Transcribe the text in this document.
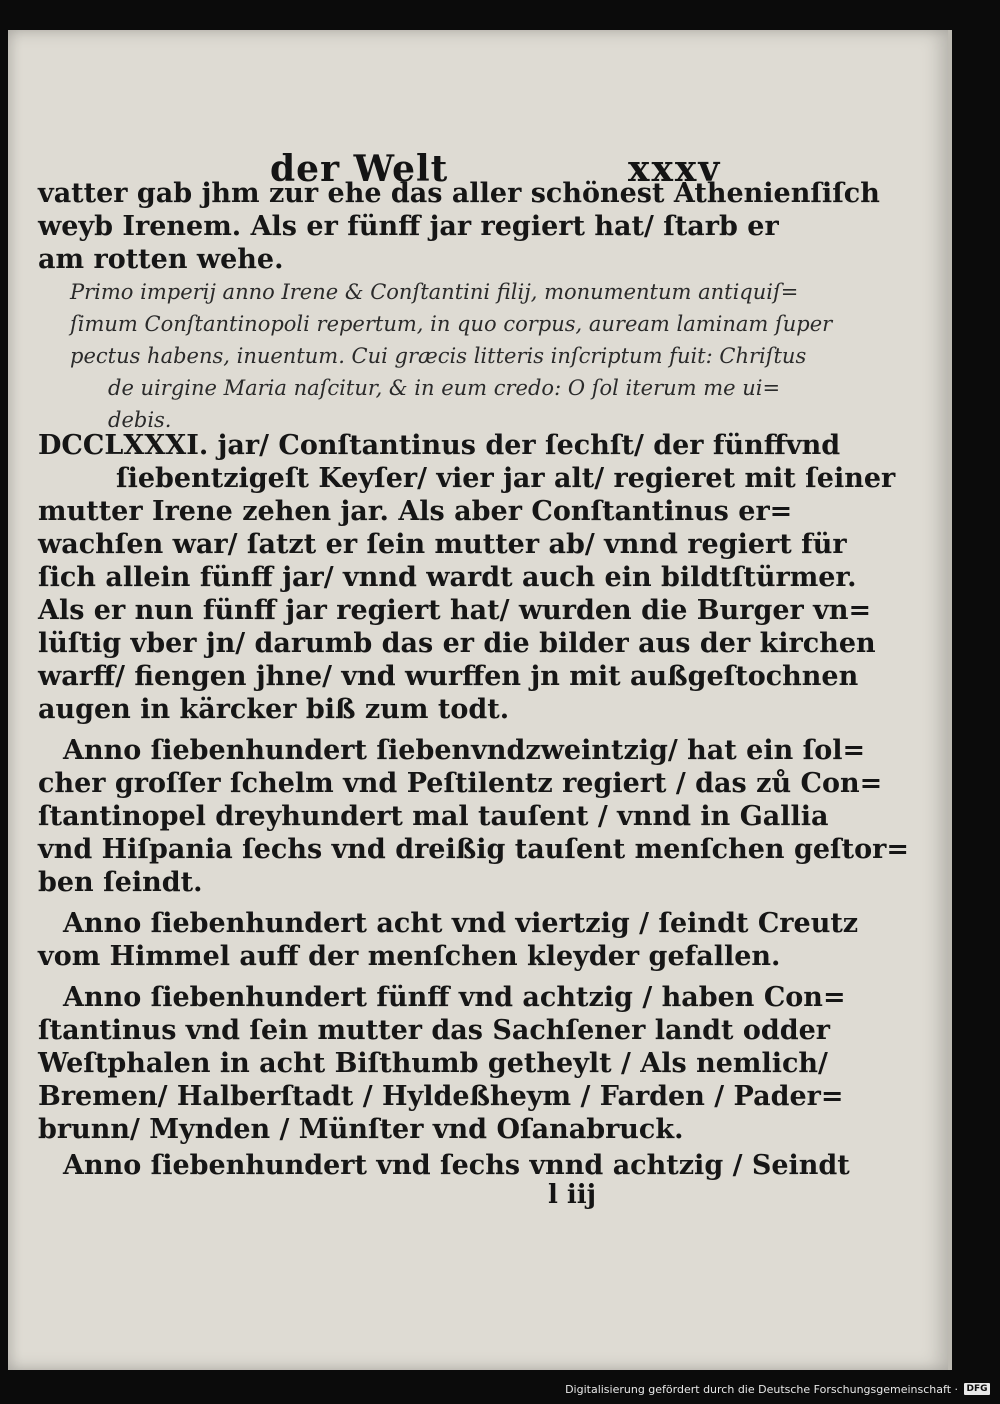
der Welt	xxxv
vatter gab jhm zur ehe das aller schönest Athenienſiſch
weyb Irenem. Als er fünff jar regiert hat/ ſtarb er
am rotten wehe.
Primo imperij anno Irene & Conſtantini filij, monumentum antiquiſ=
ſimum Conſtantinopoli repertum, in quo corpus, auream laminam ſuper
pectus habens, inuentum. Cui græcis litteris inſcriptum fuit: Chriſtus
de uirgine Maria naſcitur, & in eum credo: O ſol iterum me ui=
debis.
DCCLXXXI. jar/ Conſtantinus der ſechſt/ der fünffvnd
ſiebentzigeſt Keyſer/ vier jar alt/ regieret mit ſeiner
mutter Irene zehen jar. Als aber Conſtantinus er=
wachſen war/ ſatzt er ſein mutter ab/ vnnd regiert für
ſich allein fünff jar/ vnnd wardt auch ein bildtſtürmer.
Als er nun fünff jar regiert hat/ wurden die Burger vn=
lüſtig vber jn/ darumb das er die bilder aus der kirchen
warff/ fiengen jhne/ vnd wurffen jn mit außgeſtochnen
augen in kärcker biß zum todt.
Anno ſiebenhundert ſiebenvndzweintzig/ hat ein ſol=
cher groſſer ſchelm vnd Peſtilentz regiert / das zů Con=
ſtantinopel dreyhundert mal tauſent / vnnd in Gallia
vnd Hiſpania ſechs vnd dreißig tauſent menſchen geſtor=
ben ſeindt.
Anno ſiebenhundert acht vnd viertzig / ſeindt Creutz
vom Himmel auff der menſchen kleyder gefallen.
Anno ſiebenhundert fünff vnd achtzig / haben Con=
ſtantinus vnd ſein mutter das Sachſener landt odder
Weſtphalen in acht Biſthumb getheylt / Als nemlich/
Bremen/ Halberſtadt / Hyldeßheym / Farden / Pader=
brunn/ Mynden / Münſter vnd Oſanabruck.
Anno ſiebenhundert vnd ſechs vnnd achtzig / Seindt
l iij
Digitalisierung gefördert durch die Deutsche Forschungsgemeinschaft · DFG
